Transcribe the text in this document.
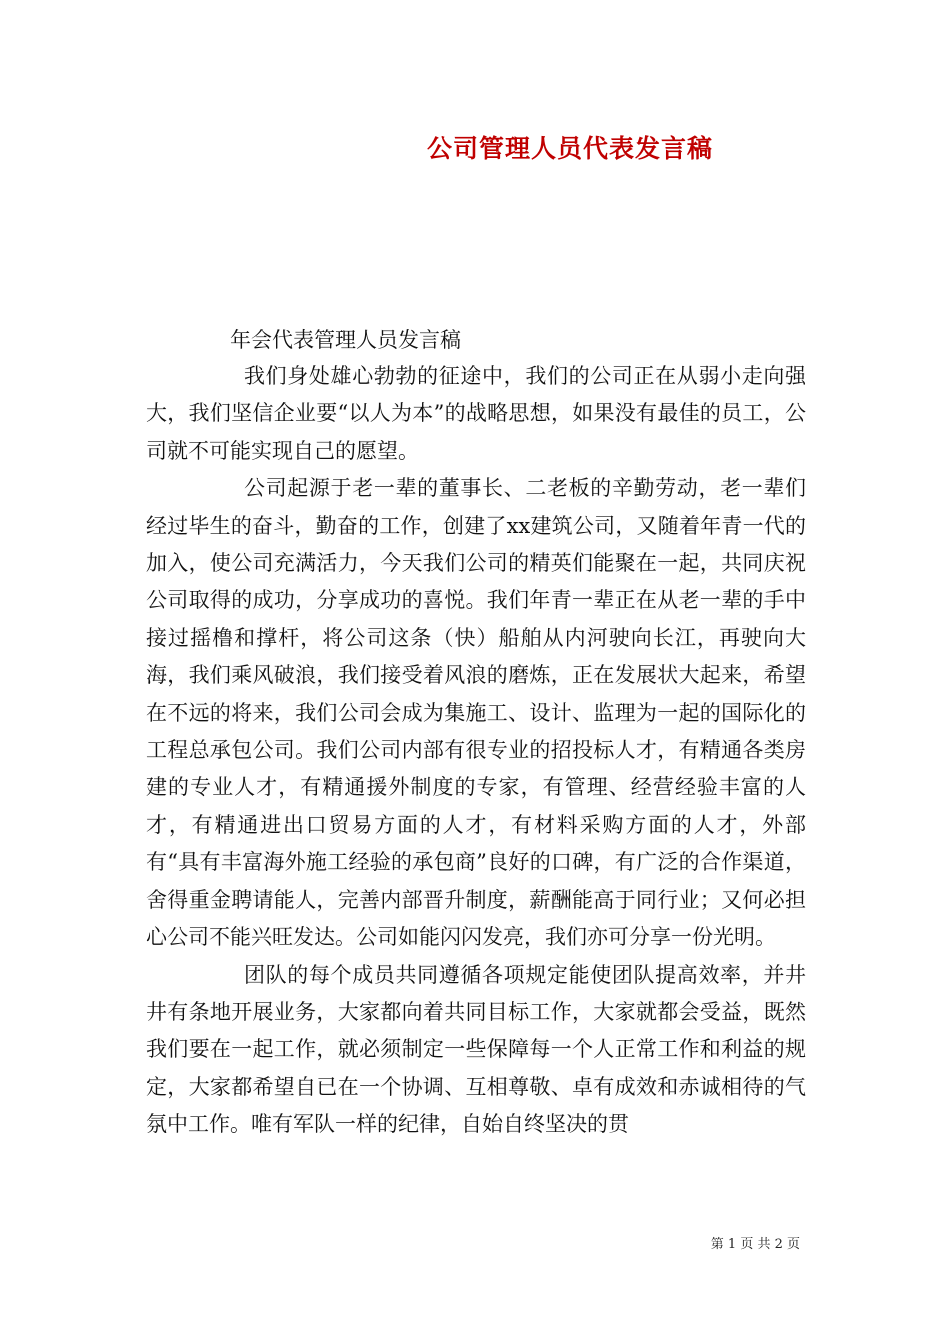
公司管理人员代表发言稿
年会代表管理人员发言稿

我们身处雄心勃勃的征途中，我们的公司正在从弱小走向强大，我们坚信企业要“以人为本”的战略思想，如果没有最佳的员工，公司就不可能实现自己的愿望。

公司起源于老一辈的董事长、二老板的辛勤劳动，老一辈们经过毕生的奋斗，勤奋的工作，创建了xx建筑公司，又随着年青一代的加入，使公司充满活力，今天我们公司的精英们能聚在一起，共同庆祝公司取得的成功，分享成功的喜悦。我们年青一辈正在从老一辈的手中接过摇橹和撑杆，将公司这条（快）船舶从内河驶向长江，再驶向大海，我们乘风破浪，我们接受着风浪的磨炼，正在发展状大起来，希望在不远的将来，我们公司会成为集施工、设计、监理为一起的国际化的工程总承包公司。我们公司内部有很专业的招投标人才，有精通各类房建的专业人才，有精通援外制度的专家，有管理、经营经验丰富的人才，有精通进出口贸易方面的人才，有材料采购方面的人才，外部有“具有丰富海外施工经验的承包商”良好的口碑，有广泛的合作渠道，舍得重金聘请能人，完善内部晋升制度，薪酬能高于同行业；又何必担心公司不能兴旺发达。公司如能闪闪发亮，我们亦可分享一份光明。

团队的每个成员共同遵循各项规定能使团队提高效率，并井井有条地开展业务，大家都向着共同目标工作，大家就都会受益，既然我们要在一起工作，就必须制定一些保障每一个人正常工作和利益的规定，大家都希望自已在一个协调、互相尊敬、卓有成效和赤诚相待的气氛中工作。唯有军队一样的纪律，自始自终坚决的贯

第 1 页 共 2 页
